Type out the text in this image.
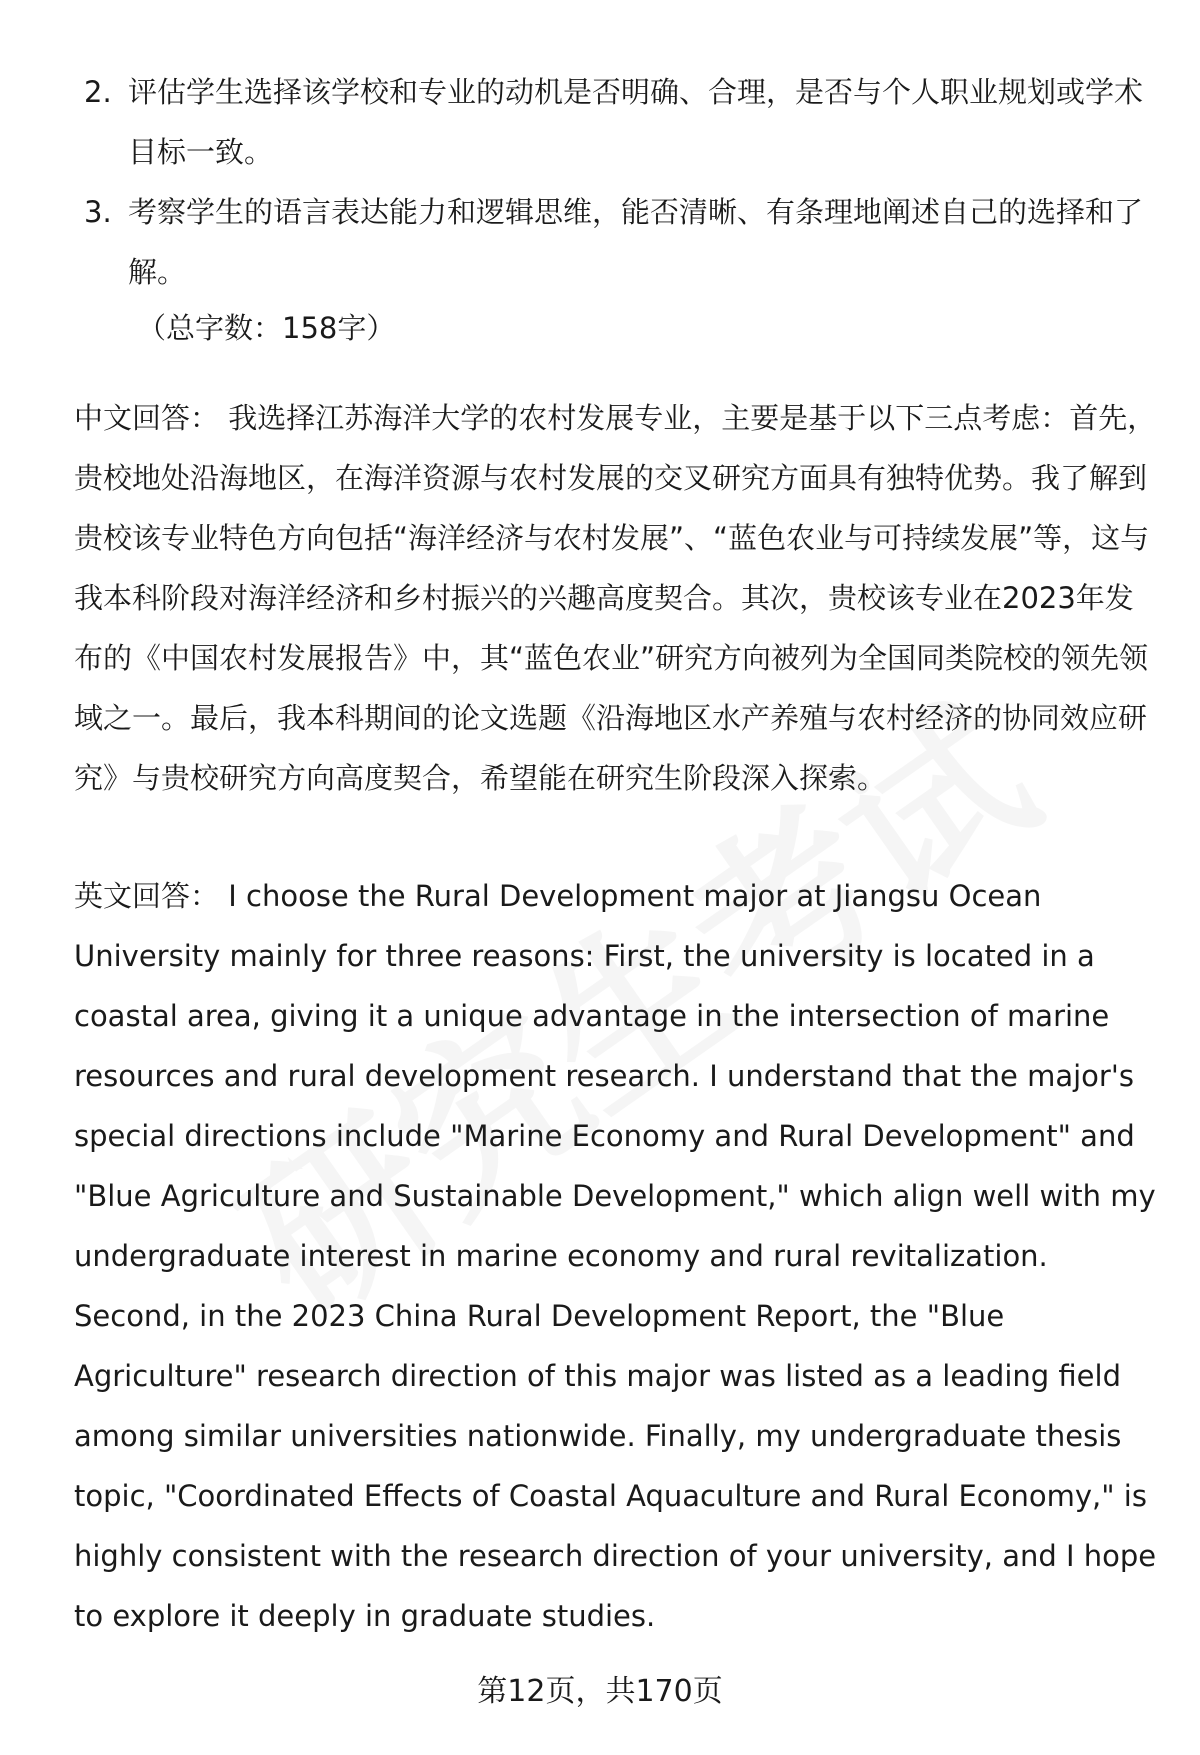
2. 评估学生选择该学校和专业的动机是否明确、合理，是否与个人职业规划或学术目标一致。
3. 考察学生的语言表达能力和逻辑思维，能否清晰、有条理地阐述自己的选择和了解。
（总字数：158字）

中文回答： 我选择江苏海洋大学的农村发展专业，主要是基于以下三点考虑：首先，贵校地处沿海地区，在海洋资源与农村发展的交叉研究方面具有独特优势。我了解到贵校该专业特色方向包括“海洋经济与农村发展”、“蓝色农业与可持续发展”等，这与我本科阶段对海洋经济和乡村振兴的兴趣高度契合。其次，贵校该专业在2023年发布的《中国农村发展报告》中，其“蓝色农业”研究方向被列为全国同类院校的领先领域之一。最后，我本科期间的论文选题《沿海地区水产养殖与农村经济的协同效应研究》与贵校研究方向高度契合，希望能在研究生阶段深入探索。

英文回答： I choose the Rural Development major at Jiangsu Ocean University mainly for three reasons: First, the university is located in a coastal area, giving it a unique advantage in the intersection of marine resources and rural development research. I understand that the major's special directions include "Marine Economy and Rural Development" and "Blue Agriculture and Sustainable Development," which align well with my undergraduate interest in marine economy and rural revitalization. Second, in the 2023 China Rural Development Report, the "Blue Agriculture" research direction of this major was listed as a leading field among similar universities nationwide. Finally, my undergraduate thesis topic, "Coordinated Effects of Coastal Aquaculture and Rural Economy," is highly consistent with the research direction of your university, and I hope to explore it deeply in graduate studies.

第12页，共170页
